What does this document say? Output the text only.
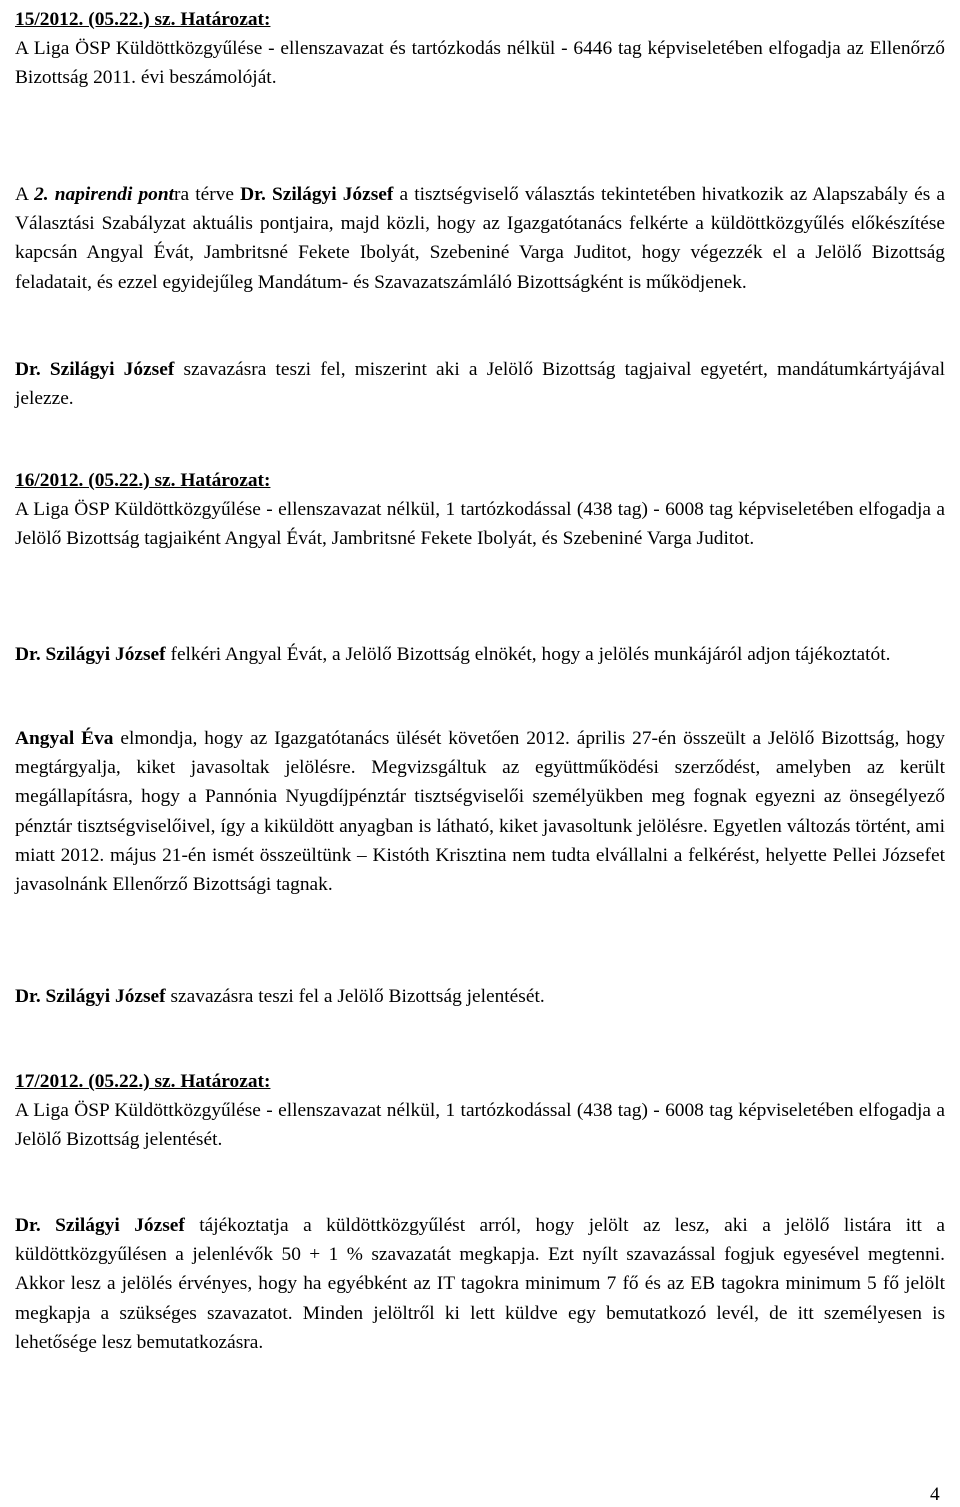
15/2012. (05.22.) sz. Határozat:

A Liga ÖSP Küldöttközgyűlése - ellenszavazat és tartózkodás nélkül - 6446 tag képviseletében elfogadja az Ellenőrző Bizottság 2011. évi beszámolóját.

A 2. napirendi pontra térve Dr. Szilágyi József a tisztségviselő választás tekintetében hivatkozik az Alapszabály és a Választási Szabályzat aktuális pontjaira, majd közli, hogy az Igazgatótanács felkérte a küldöttközgyűlés előkészítése kapcsán Angyal Évát, Jambritsné Fekete Ibolyát, Szebeniné Varga Juditot, hogy végezzék el a Jelölő Bizottság feladatait, és ezzel egyidejűleg Mandátum- és Szavazatszámláló Bizottságként is működjenek.

Dr. Szilágyi József szavazásra teszi fel, miszerint aki a Jelölő Bizottság tagjaival egyetért, mandátumkártyájával jelezze.

16/2012. (05.22.) sz. Határozat:

A Liga ÖSP Küldöttközgyűlése - ellenszavazat nélkül, 1 tartózkodással (438 tag) - 6008 tag képviseletében elfogadja a Jelölő Bizottság tagjaiként Angyal Évát, Jambritsné Fekete Ibolyát, és Szebeniné Varga Juditot.

Dr. Szilágyi József felkéri Angyal Évát, a Jelölő Bizottság elnökét, hogy a jelölés munkájáról adjon tájékoztatót.

Angyal Éva elmondja, hogy az Igazgatótanács ülését követően 2012. április 27-én összeült a Jelölő Bizottság, hogy megtárgyalja, kiket javasoltak jelölésre. Megvizsgáltuk az együttműködési szerződést, amelyben az került megállapításra, hogy a Pannónia Nyugdíjpénztár tisztségviselői személyükben meg fognak egyezni az önsegélyező pénztár tisztségviselőivel, így a kiküldött anyagban is látható, kiket javasoltunk jelölésre. Egyetlen változás történt, ami miatt 2012. május 21-én ismét összeültünk – Kistóth Krisztina nem tudta elvállalni a felkérést, helyette Pellei Józsefet javasolnánk Ellenőrző Bizottsági tagnak.

Dr. Szilágyi József szavazásra teszi fel a Jelölő Bizottság jelentését.

17/2012. (05.22.) sz. Határozat:

A Liga ÖSP Küldöttközgyűlése - ellenszavazat nélkül, 1 tartózkodással (438 tag) - 6008 tag képviseletében elfogadja a Jelölő Bizottság jelentését.

Dr. Szilágyi József tájékoztatja a küldöttközgyűlést arról, hogy jelölt az lesz, aki a jelölő listára itt a küldöttközgyűlésen a jelenlévők 50 + 1 % szavazatát megkapja. Ezt nyílt szavazással fogjuk egyesével megtenni. Akkor lesz a jelölés érvényes, hogy ha egyébként az IT tagokra minimum 7 fő és az EB tagokra minimum 5 fő jelölt megkapja a szükséges szavazatot. Minden jelöltről ki lett küldve egy bemutatkozó levél, de itt személyesen is lehetősége lesz bemutatkozásra.

4
